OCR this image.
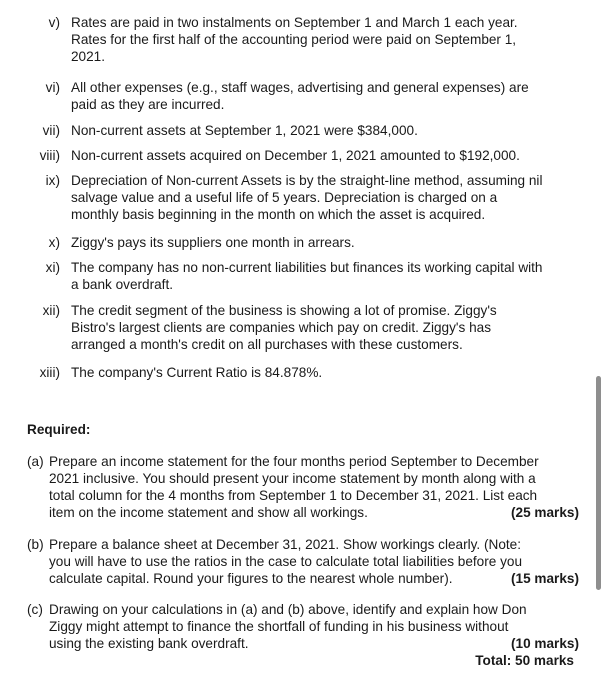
v) Rates are paid in two instalments on September 1 and March 1 each year.
Rates for the first half of the accounting period were paid on September 1,
2021.
vi) All other expenses (e.g., staff wages, advertising and general expenses) are
paid as they are incurred.
vii) Non-current assets at September 1, 2021 were $384,000.
viii) Non-current assets acquired on December 1, 2021 amounted to $192,000.
ix) Depreciation of Non-current Assets is by the straight-line method, assuming nil
salvage value and a useful life of 5 years. Depreciation is charged on a
monthly basis beginning in the month on which the asset is acquired.
x) Ziggy's pays its suppliers one month in arrears.
xi) The company has no non-current liabilities but finances its working capital with
a bank overdraft.
xii) The credit segment of the business is showing a lot of promise. Ziggy's
Bistro's largest clients are companies which pay on credit. Ziggy's has
arranged a month's credit on all purchases with these customers.
xiii) The company's Current Ratio is 84.878%.
Required:
(a) Prepare an income statement for the four months period September to December
2021 inclusive. You should present your income statement by month along with a
total column for the 4 months from September 1 to December 31, 2021. List each
item on the income statement and show all workings.	(25 marks)
(b) Prepare a balance sheet at December 31, 2021. Show workings clearly. (Note:
you will have to use the ratios in the case to calculate total liabilities before you
calculate capital. Round your figures to the nearest whole number).	(15 marks)
(c) Drawing on your calculations in (a) and (b) above, identify and explain how Don
Ziggy might attempt to finance the shortfall of funding in his business without
using the existing bank overdraft.	(10 marks)
Total: 50 marks
